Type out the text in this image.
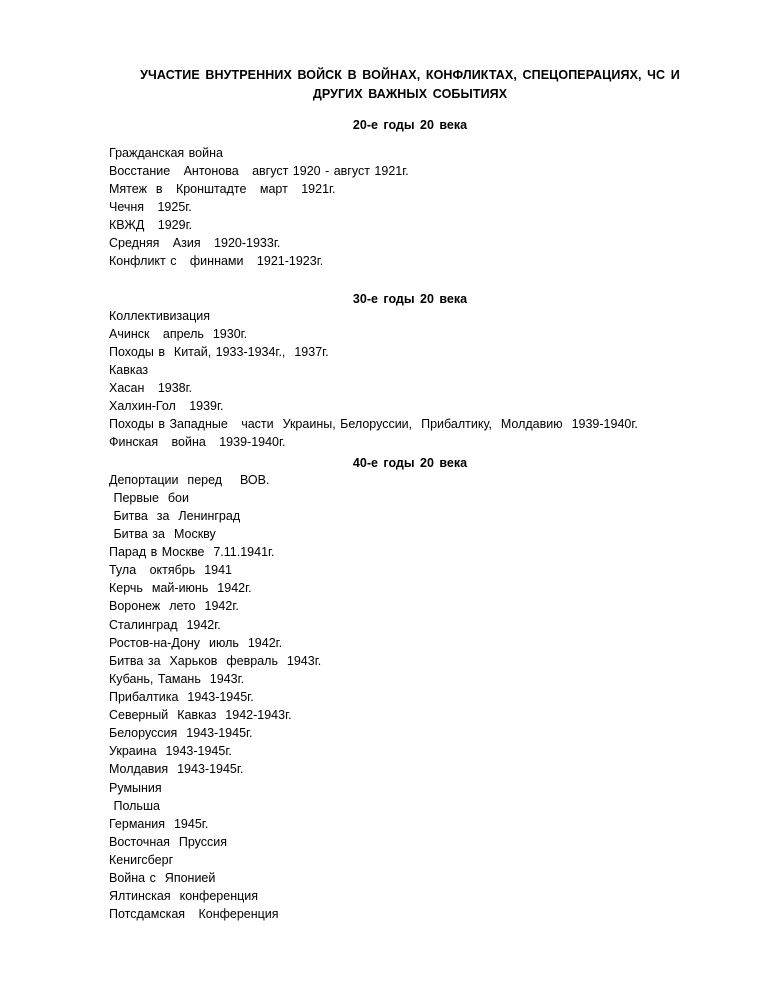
УЧАСТИЕ ВНУТРЕННИХ ВОЙСК В ВОЙНАХ, КОНФЛИКТАХ, СПЕЦОПЕРАЦИЯХ, ЧС И
ДРУГИХ ВАЖНЫХ СОБЫТИЯХ
20-е годы 20 века
Гражданская война
Восстание   Антонова   август 1920 - август 1921г.
Мятеж  в   Кронштадте   март   1921г.
Чечня   1925г.
КВЖД   1929г.
Средняя   Азия   1920-1933г.
Конфликт с   финнами   1921-1923г.
30-е годы 20 века
Коллективизация
Ачинск   апрель  1930г.
Походы в  Китай, 1933-1934г.,  1937г.
Кавказ
Хасан   1938г.
Халхин-Гол   1939г.
Походы в Западные   части  Украины, Белоруссии,  Прибалтику,  Молдавию  1939-1940г.
Финская   война   1939-1940г.
40-е годы 20 века
Депортации  перед    ВОВ.
Первые  бои
Битва  за  Ленинград
Битва за  Москву
Парад в Москве  7.11.1941г.
Тула   октябрь  1941
Керчь  май-июнь  1942г.
Воронеж  лето  1942г.
Сталинград  1942г.
Ростов-на-Дону  июль  1942г.
Битва за  Харьков  февраль  1943г.
Кубань, Тамань  1943г.
Прибалтика  1943-1945г.
Северный  Кавказ  1942-1943г.
Белоруссия  1943-1945г.
Украина  1943-1945г.
Молдавия  1943-1945г.
Румыния
Польша
Германия  1945г.
Восточная  Пруссия
Кенигсберг
Война с  Японией
Ялтинская  конференция
Потсдамская   Конференция
